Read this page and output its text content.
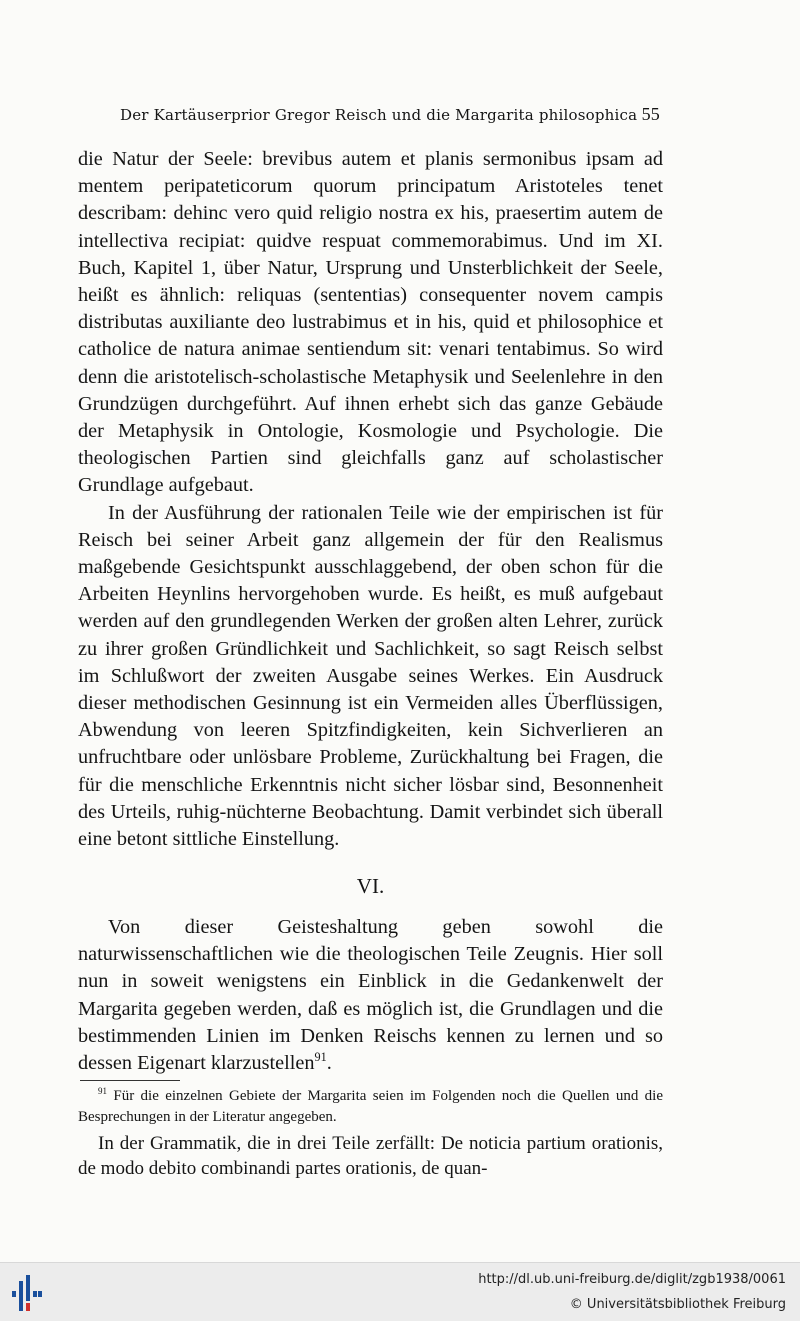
Der Kartäuserprior Gregor Reisch und die Margarita philosophica 55

die Natur der Seele: brevibus autem et planis sermonibus ipsam ad mentem peripateticorum quorum principatum Aristoteles tenet describam: dehinc vero quid religio nostra ex his, praesertim autem de intellectiva recipiat: quidve respuat commemorabimus. Und im XI. Buch, Kapitel 1, über Natur, Ursprung und Unsterblichkeit der Seele, heißt es ähnlich: reliquas (sententias) consequenter novem campis distributas auxiliante deo lustrabimus et in his, quid et philosophice et catholice de natura animae sentiendum sit: venari tentabimus. So wird denn die aristotelisch-scholastische Metaphysik und Seelenlehre in den Grundzügen durchgeführt. Auf ihnen erhebt sich das ganze Gebäude der Metaphysik in Ontologie, Kosmologie und Psychologie. Die theologischen Partien sind gleichfalls ganz auf scholastischer Grundlage aufgebaut.

In der Ausführung der rationalen Teile wie der empirischen ist für Reisch bei seiner Arbeit ganz allgemein der für den Realismus maßgebende Gesichtspunkt ausschlaggebend, der oben schon für die Arbeiten Heynlins hervorgehoben wurde. Es heißt, es muß aufgebaut werden auf den grundlegenden Werken der großen alten Lehrer, zurück zu ihrer großen Gründlichkeit und Sachlichkeit, so sagt Reisch selbst im Schlußwort der zweiten Ausgabe seines Werkes. Ein Ausdruck dieser methodischen Gesinnung ist ein Vermeiden alles Überflüssigen, Abwendung von leeren Spitzfindigkeiten, kein Sichverlieren an unfruchtbare oder unlösbare Probleme, Zurückhaltung bei Fragen, die für die menschliche Erkenntnis nicht sicher lösbar sind, Besonnenheit des Urteils, ruhig-nüchterne Beobachtung. Damit verbindet sich überall eine betont sittliche Einstellung.

VI.

Von dieser Geisteshaltung geben sowohl die naturwissenschaftlichen wie die theologischen Teile Zeugnis. Hier soll nun in soweit wenigstens ein Einblick in die Gedankenwelt der Margarita gegeben werden, daß es möglich ist, die Grundlagen und die bestimmenden Linien im Denken Reischs kennen zu lernen und so dessen Eigenart klarzustellen$^{91}$.

$^{91}$ Für die einzelnen Gebiete der Margarita seien im Folgenden noch die Quellen und die Besprechungen in der Literatur angegeben.

In der Grammatik, die in drei Teile zerfällt: De noticia partium orationis, de modo debito combinandi partes orationis, de quan-

http://dl.ub.uni-freiburg.de/diglit/zgb1938/0061
© Universitätsbibliothek Freiburg
